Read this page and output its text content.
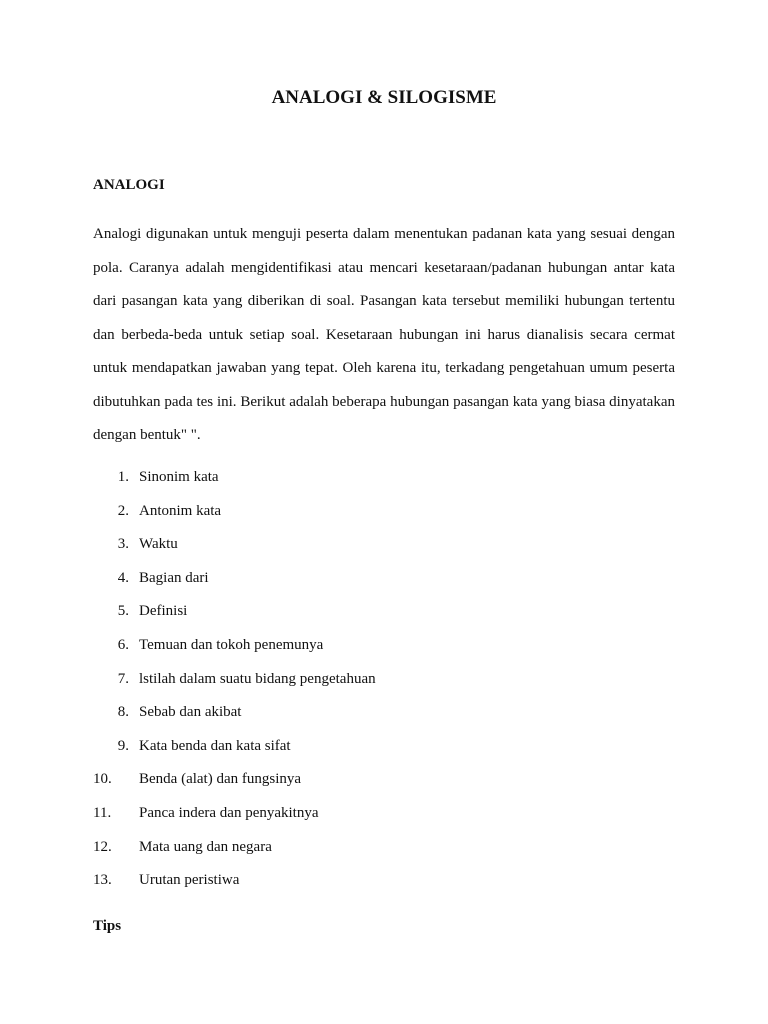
ANALOGI & SILOGISME
ANALOGI

Analogi digunakan untuk menguji peserta dalam menentukan padanan kata yang sesuai dengan pola. Caranya adalah mengidentifikasi atau mencari kesetaraan/padanan hubungan antar kata dari pasangan kata yang diberikan di soal. Pasangan kata tersebut memiliki hubungan tertentu dan berbeda-beda untuk setiap soal. Kesetaraan hubungan ini harus dianalisis secara cermat untuk mendapatkan jawaban yang tepat. Oleh karena itu, terkadang pengetahuan umum peserta dibutuhkan pada tes ini. Berikut adalah beberapa hubungan pasangan kata yang biasa dinyatakan dengan bentuk" ".

1. Sinonim kata
2. Antonim kata
3. Waktu
4. Bagian dari
5. Definisi
6. Temuan dan tokoh penemunya
7. lstilah dalam suatu bidang pengetahuan
8. Sebab dan akibat
9. Kata benda dan kata sifat
10.	Benda (alat) dan fungsinya
11.	Panca indera dan penyakitnya
12.	Mata uang dan negara
13.	Urutan peristiwa
Tips
